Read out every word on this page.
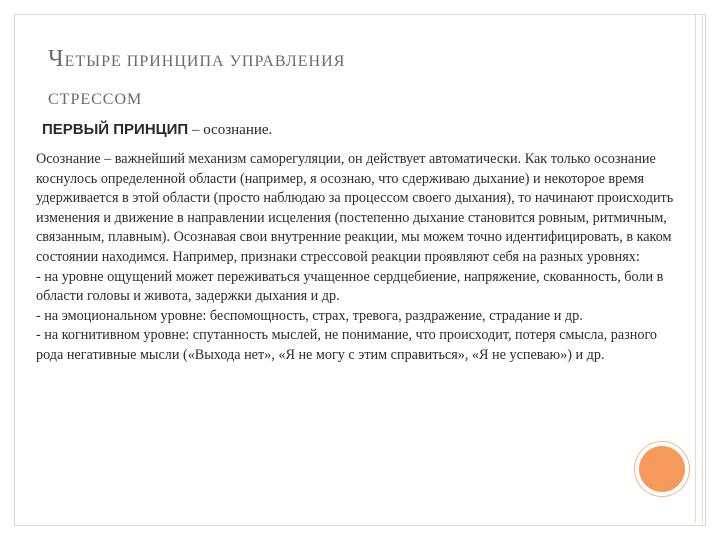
ЧЕТЫРЕ ПРИНЦИПА УПРАВЛЕНИЯ
СТРЕССОМ
ПЕРВЫЙ ПРИНЦИП – осознание.

Осознание – важнейший механизм саморегуляции, он действует автоматически. Как только осознание коснулось определенной области (например, я осознаю, что сдерживаю дыхание) и некоторое время удерживается в этой области (просто наблюдаю за процессом своего дыхания), то начинают происходить изменения и движение в направлении исцеления (постепенно дыхание становится ровным, ритмичным, связанным, плавным). Осознавая свои внутренние реакции, мы можем точно идентифицировать, в каком состоянии находимся. Например, признаки стрессовой реакции проявляют себя на разных уровнях:

- на уровне ощущений может переживаться учащенное сердцебиение, напряжение, скованность, боли в области головы и живота, задержки дыхания и др.

- на эмоциональном уровне: беспомощность, страх, тревога, раздражение, страдание и др.

- на когнитивном уровне: спутанность мыслей, не понимание, что происходит, потеря смысла, разного рода негативные мысли («Выхода нет», «Я не могу с этим справиться», «Я не успеваю») и др.
